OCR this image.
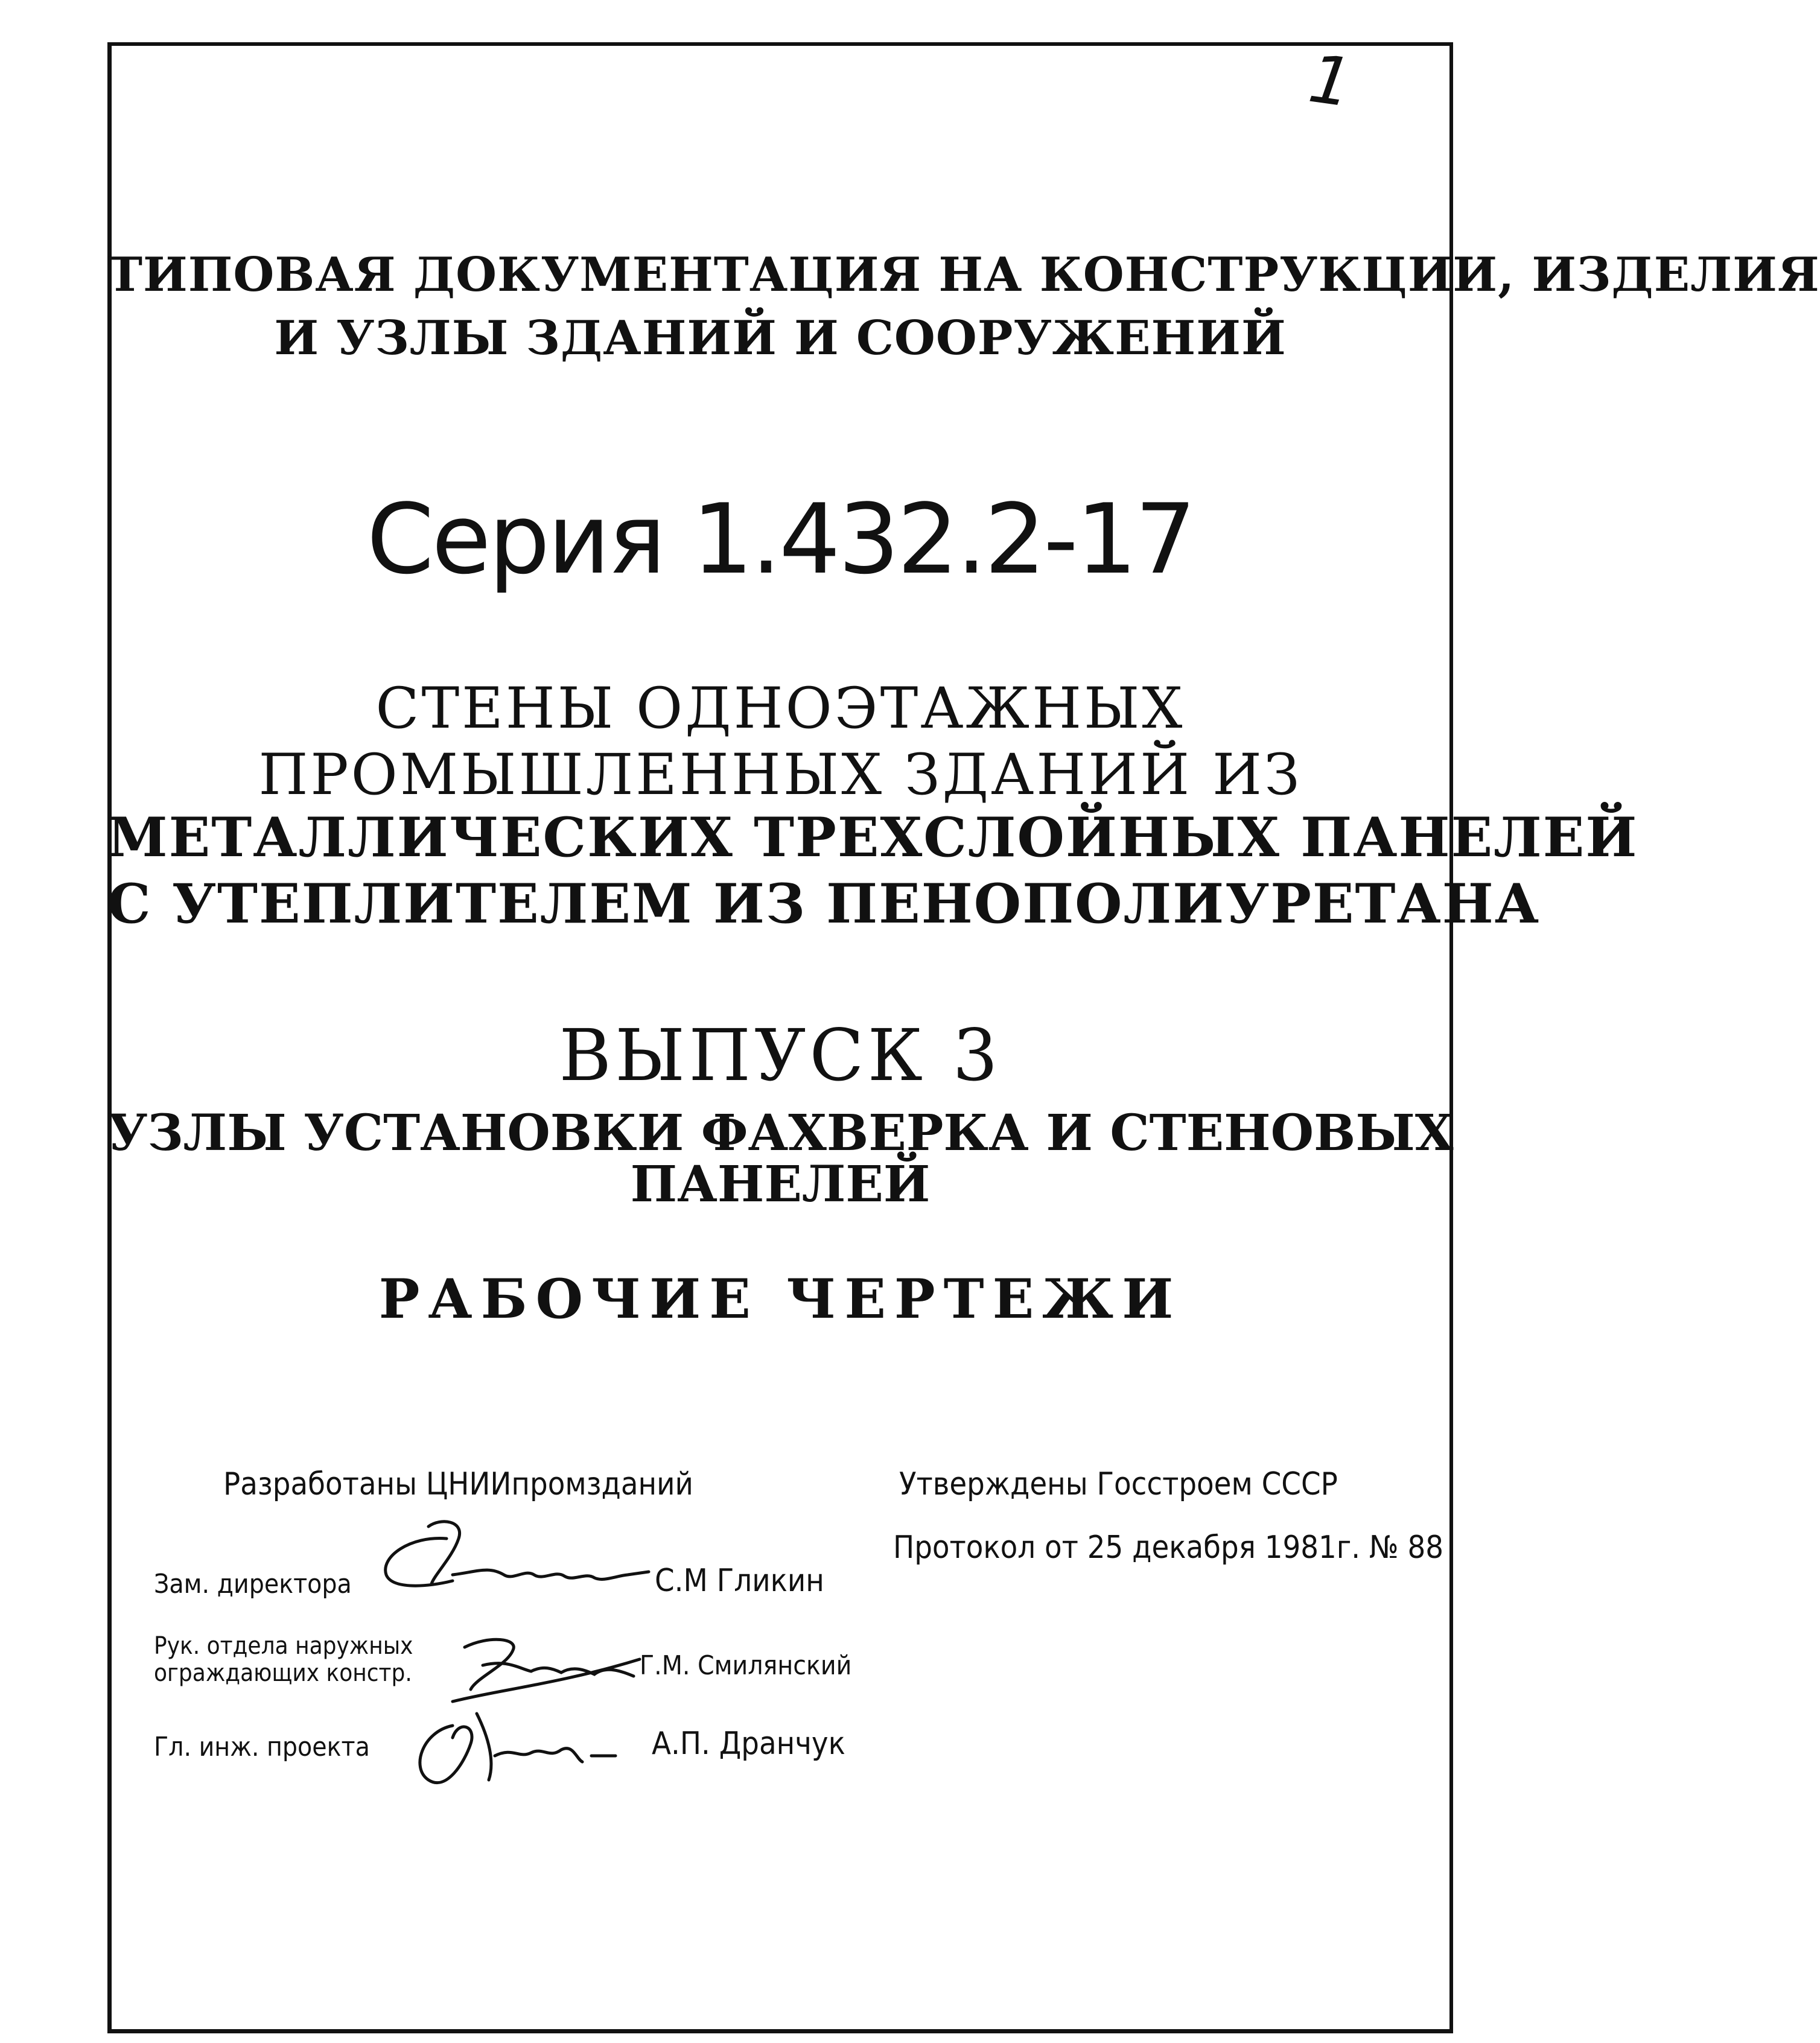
1
ТИПОВАЯ ДОКУМЕНТАЦИЯ НА КОНСТРУКЦИИ, ИЗДЕЛИЯ
И УЗЛЫ ЗДАНИЙ И СООРУЖЕНИЙ
Серия 1.432.2-17
СТЕНЫ ОДНОЭТАЖНЫХ
ПРОМЫШЛЕННЫХ ЗДАНИЙ ИЗ
МЕТАЛЛИЧЕСКИХ ТРЕХСЛОЙНЫХ ПАНЕЛЕЙ
С УТЕПЛИТЕЛЕМ ИЗ ПЕНОПОЛИУРЕТАНА
ВЫПУСК 3
УЗЛЫ УСТАНОВКИ ФАХВЕРКА И СТЕНОВЫХ
ПАНЕЛЕЙ
РАБОЧИЕ ЧЕРТЕЖИ
Разработаны ЦНИИпромзданий
Зам. директора	С.М Гликин
Рук. отдела наружных
ограждающих констр.	Г.М. Смилянский
Гл. инж. проекта	А.П. Дранчук
Утверждены Госстроем СССР
Протокол от 25 декабря 1981г. № 88
